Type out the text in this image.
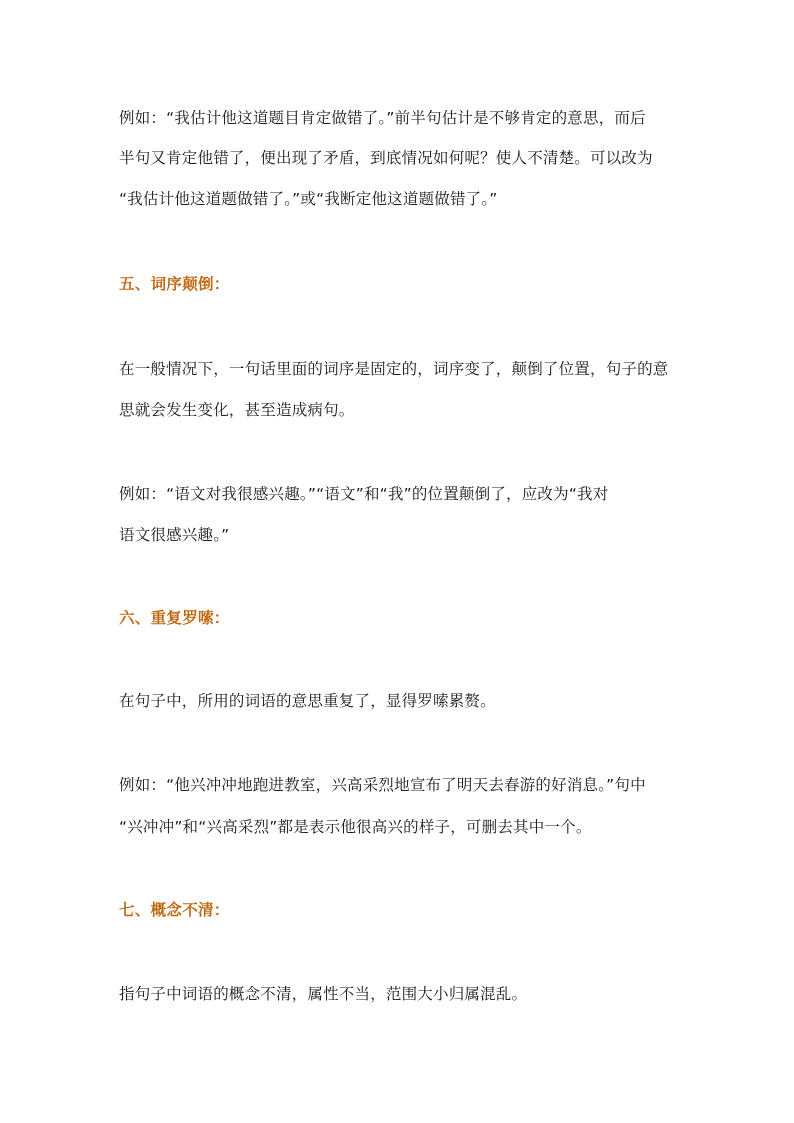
例如：“我估计他这道题目肯定做错了。”前半句估计是不够肯定的意思，而后
半句又肯定他错了，便出现了矛盾，到底情况如何呢？使人不清楚。可以改为
“我估计他这道题做错了。”或“我断定他这道题做错了。”
五、词序颠倒：
在一般情况下，一句话里面的词序是固定的，词序变了，颠倒了位置，句子的意
思就会发生变化，甚至造成病句。
例如：“语文对我很感兴趣。”“语文”和“我”的位置颠倒了，应改为“我对
语文很感兴趣。”
六、重复罗嗦：
在句子中，所用的词语的意思重复了，显得罗嗦累赘。
例如：“他兴冲冲地跑进教室，兴高采烈地宣布了明天去春游的好消息。”句中
“兴冲冲”和“兴高采烈”都是表示他很高兴的样子，可删去其中一个。
七、概念不清：
指句子中词语的概念不清，属性不当，范围大小归属混乱。
